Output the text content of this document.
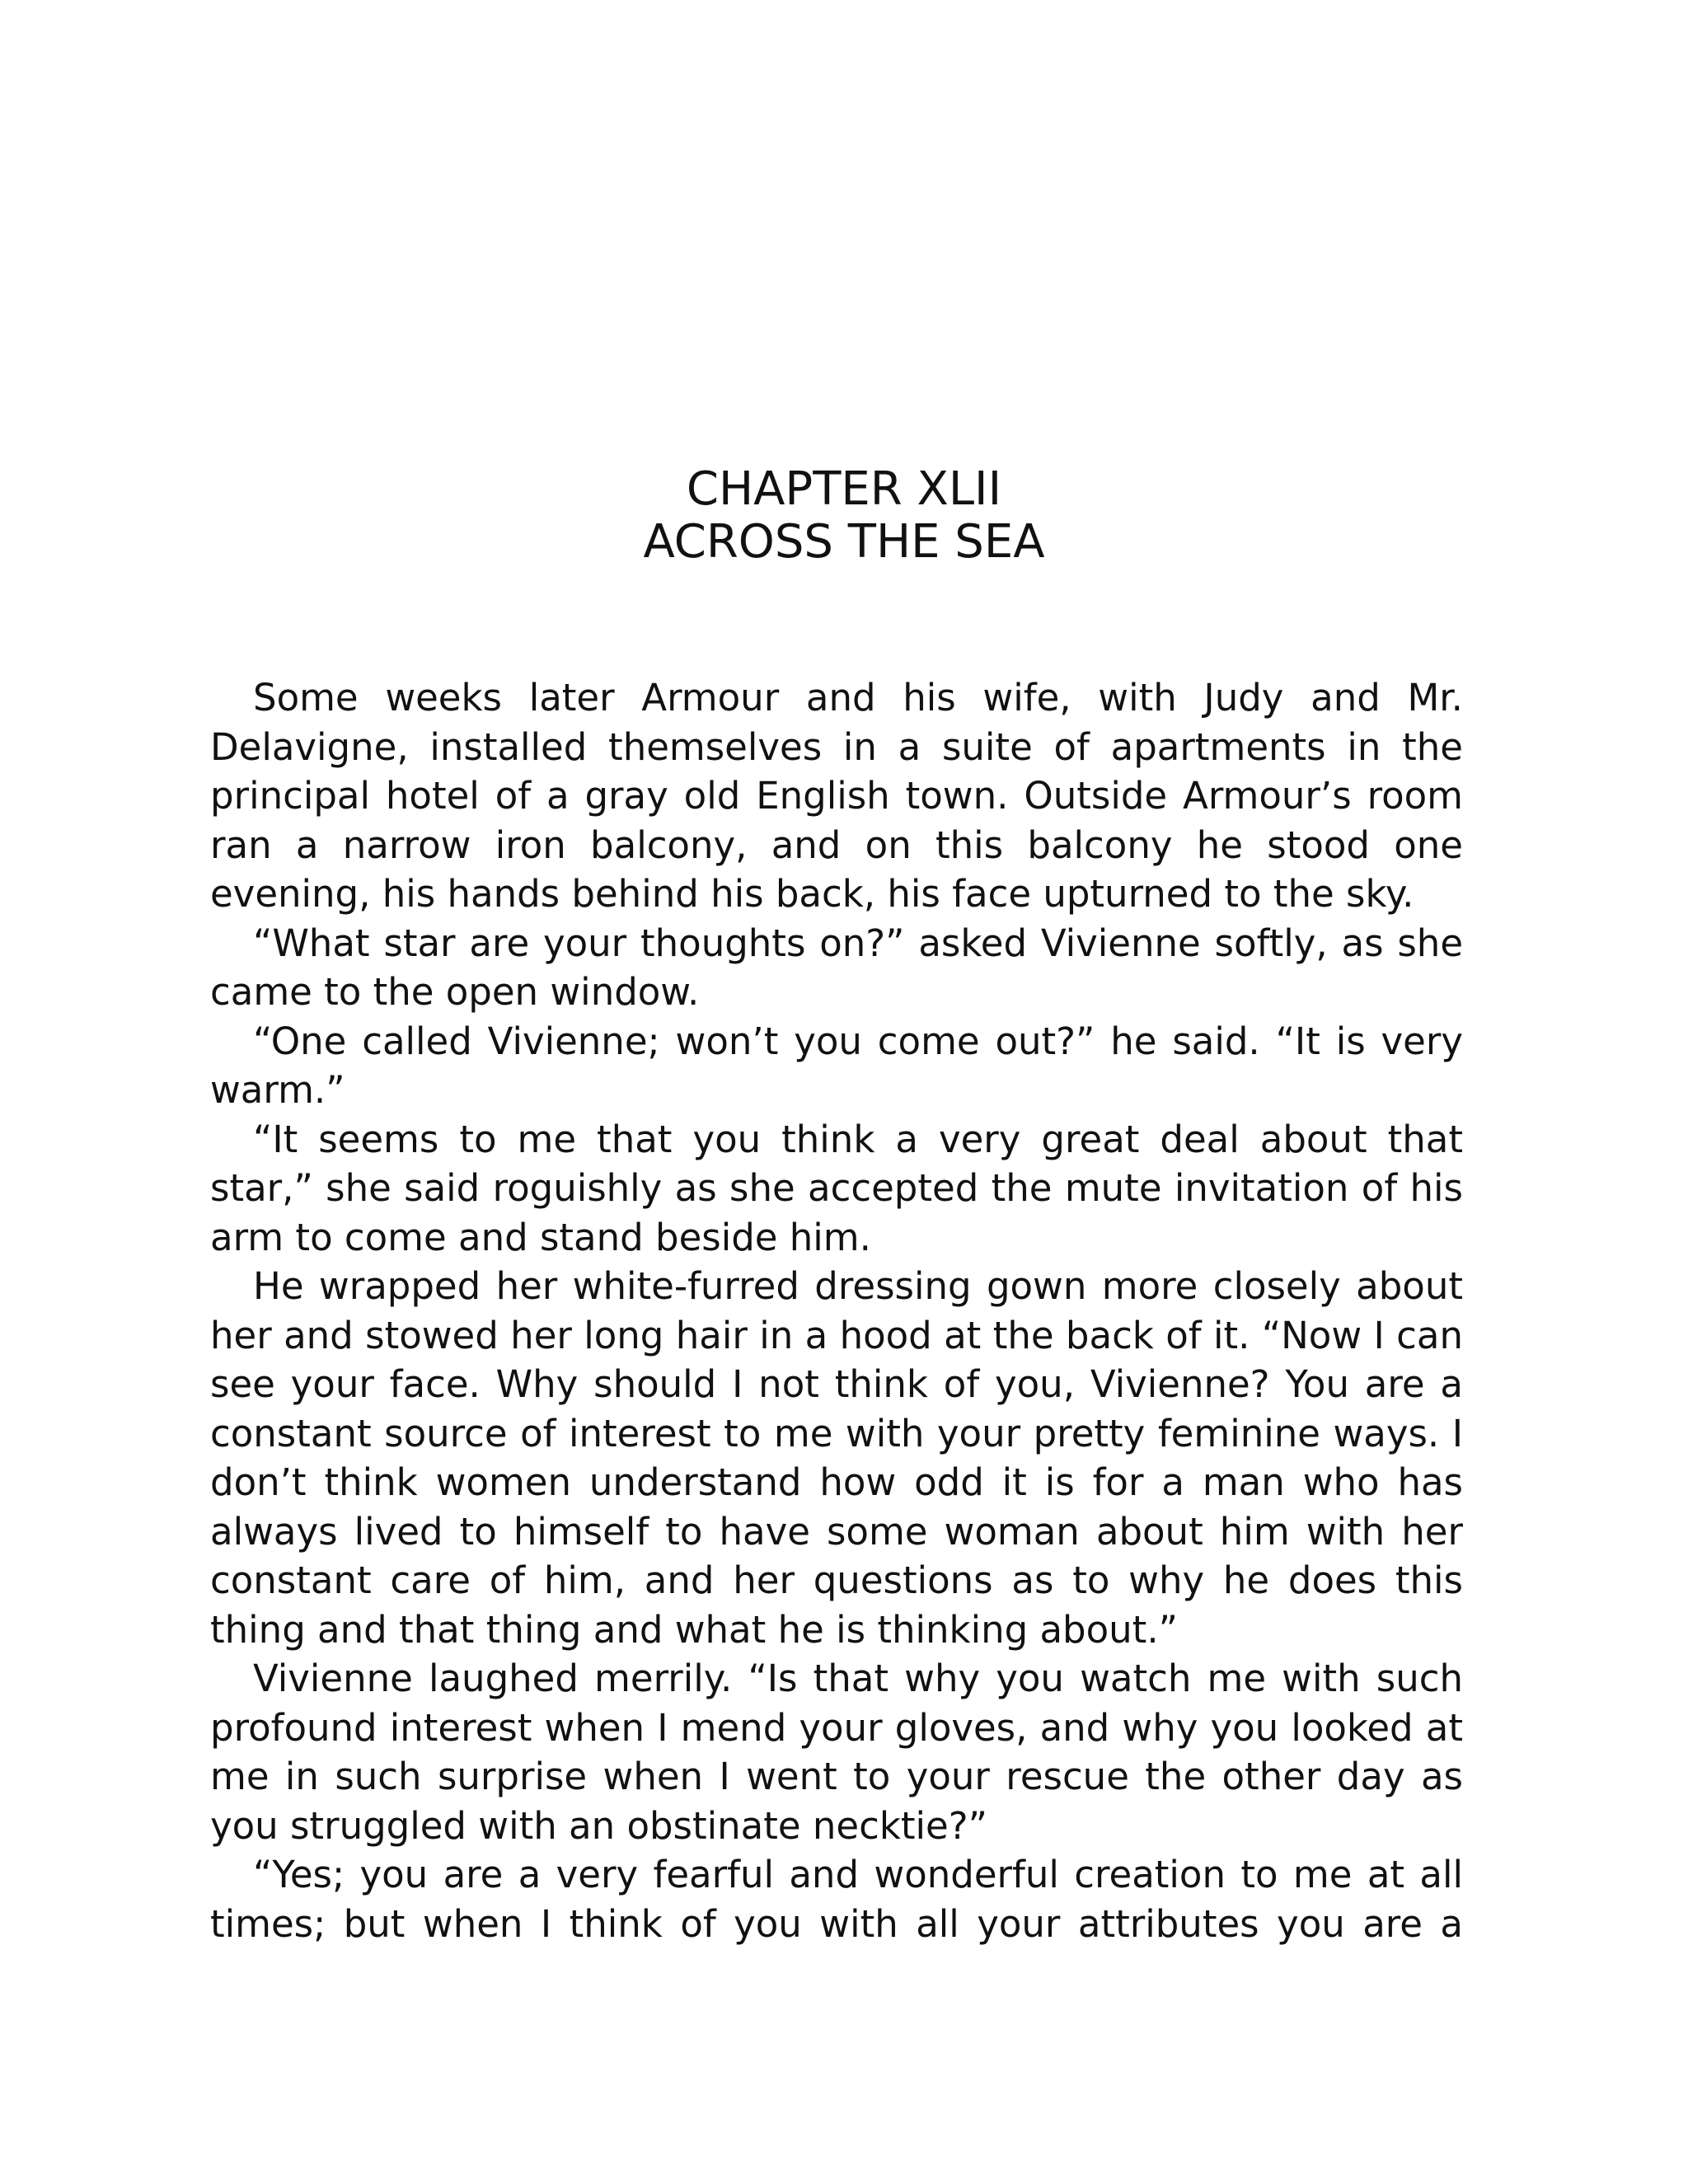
CHAPTER XLII
ACROSS THE SEA

Some weeks later Armour and his wife, with Judy and Mr. Delavigne, installed themselves in a suite of apartments in the principal hotel of a gray old English town. Outside Armour’s room ran a narrow iron balcony, and on this balcony he stood one evening, his hands behind his back, his face upturned to the sky.

“What star are your thoughts on?” asked Vivienne softly, as she came to the open window.

“One called Vivienne; won’t you come out?” he said. “It is very warm.”

“It seems to me that you think a very great deal about that star,” she said roguishly as she accepted the mute invitation of his arm to come and stand beside him.

He wrapped her white-furred dressing gown more closely about her and stowed her long hair in a hood at the back of it. “Now I can see your face. Why should I not think of you, Vivienne? You are a constant source of interest to me with your pretty feminine ways. I don’t think women understand how odd it is for a man who has always lived to himself to have some woman about him with her constant care of him, and her questions as to why he does this thing and that thing and what he is thinking about.”

Vivienne laughed merrily. “Is that why you watch me with such profound interest when I mend your gloves, and why you looked at me in such surprise when I went to your rescue the other day as you struggled with an obstinate necktie?”

“Yes; you are a very fearful and wonderful creation to me at all times; but when I think of you with all your attributes you are a
